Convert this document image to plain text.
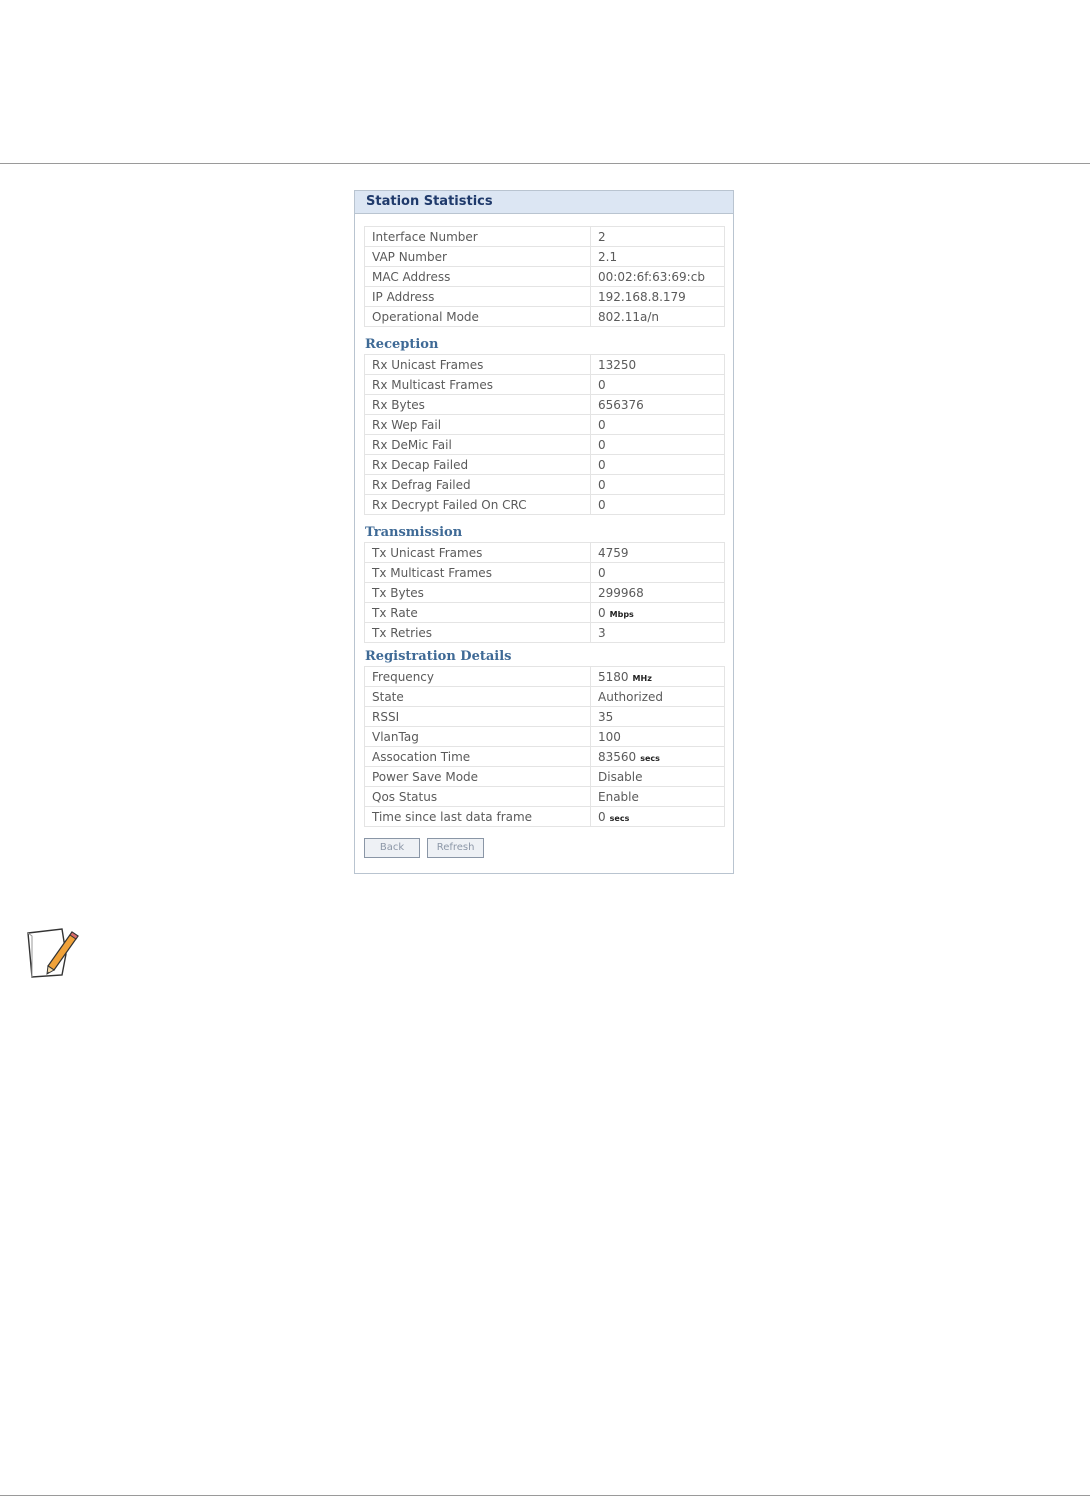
Station Statistics
Interface Number	2
VAP Number	2.1
MAC Address	00:02:6f:63:69:cb
IP Address	192.168.8.179
Operational Mode	802.11a/n
Reception
Rx Unicast Frames	13250
Rx Multicast Frames	0
Rx Bytes	656376
Rx Wep Fail	0
Rx DeMic Fail	0
Rx Decap Failed	0
Rx Defrag Failed	0
Rx Decrypt Failed On CRC	0
Transmission
Tx Unicast Frames	4759
Tx Multicast Frames	0
Tx Bytes	299968
Tx Rate	0 Mbps
Tx Retries	3
Registration Details
Frequency	5180 MHz
State	Authorized
RSSI	35
VlanTag	100
Assocation Time	83560 secs
Power Save Mode	Disable
Qos Status	Enable
Time since last data frame	0 secs
Back	Refresh
